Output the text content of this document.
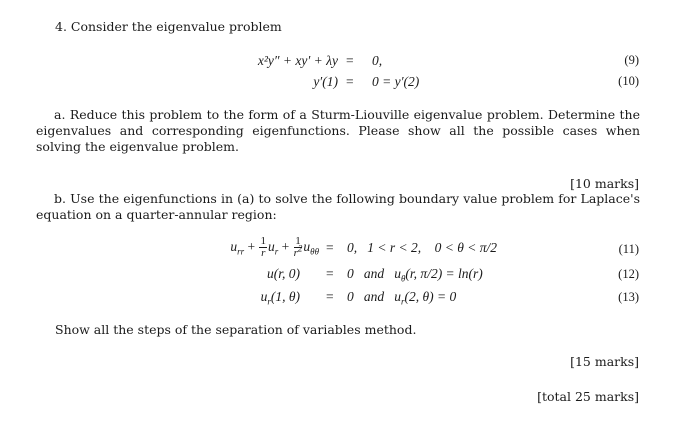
4. Consider the eigenvalue problem
x²y″ + xy′ + λy = 0,	(9)
y′(1) = 0 = y′(2)	(10)
a. Reduce this problem to the form of a Sturm-Liouville eigenvalue problem. Determine the eigenvalues and corresponding eigenfunctions. Please show all the possible cases when solving the eigenvalue problem.
[10 marks]
b. Use the eigenfunctions in (a) to solve the following boundary value problem for Laplace's equation on a quarter-annular region:
$u_{rr} + \frac{1}{r} u_r + \frac{1}{r^2} u_{\theta\theta} = 0$,   1 < r < 2,    0 < θ < π/2	(11)
u(r, 0) = 0   and   $u_\theta(r$, π/2) = ln(r)	(12)
$u_r(1$, θ) = 0   and   $u_r(2$, θ) = 0	(13)
Show all the steps of the separation of variables method.
[15 marks]
[total 25 marks]
